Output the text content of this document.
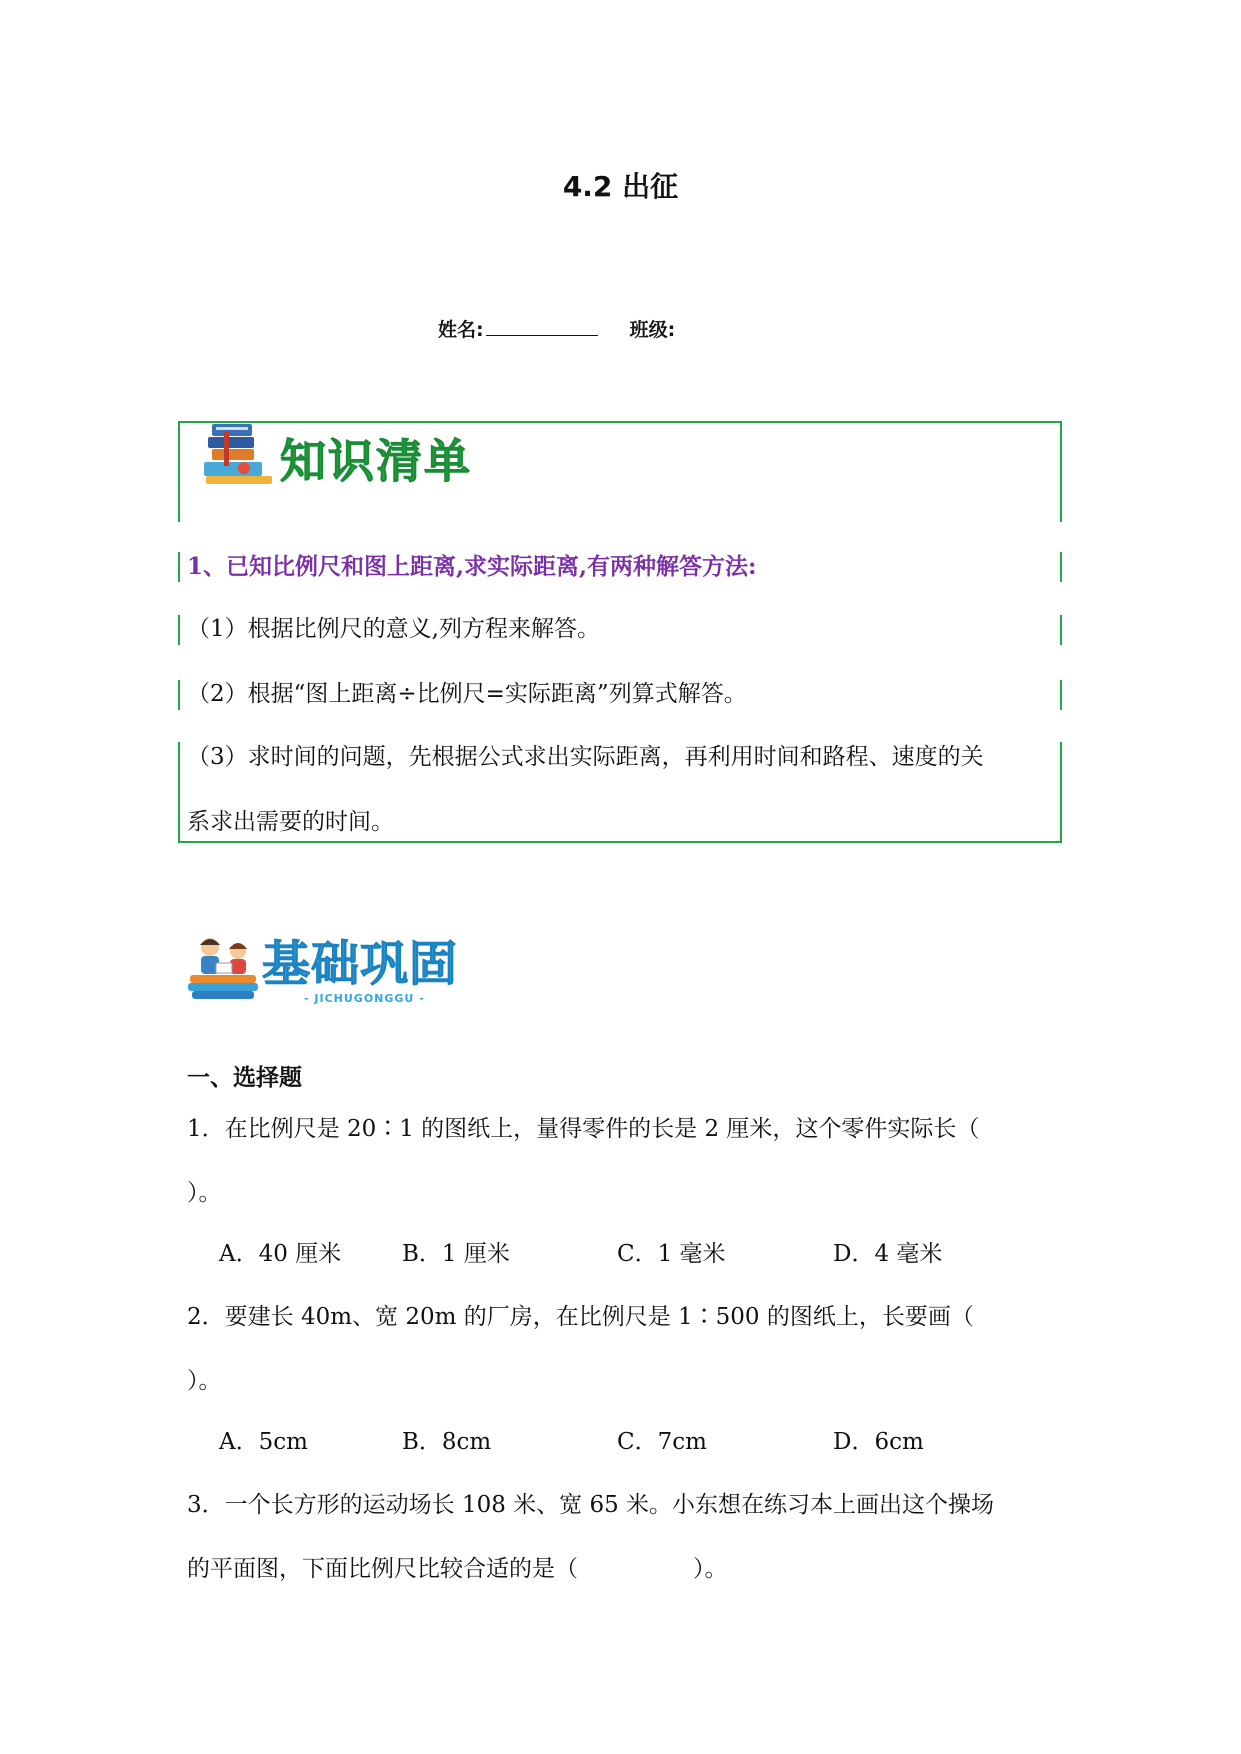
4.2 出征
姓名:	班级:
知识清单
1、已知比例尺和图上距离,求实际距离,有两种解答方法:
（1）根据比例尺的意义,列方程来解答。
（2）根据“图上距离÷比例尺=实际距离”列算式解答。
（3）求时间的问题，先根据公式求出实际距离，再利用时间和路程、速度的关
系求出需要的时间。
基础巩固
- JICHUGONGGU -
一、选择题
1．在比例尺是 20∶1 的图纸上，量得零件的长是 2 厘米，这个零件实际长（
）。
A．40 厘米	B．1 厘米	C．1 毫米	D．4 毫米
2．要建长 40m、宽 20m 的厂房，在比例尺是 1∶500 的图纸上，长要画（
）。
A．5cm	B．8cm	C．7cm	D．6cm
3．一个长方形的运动场长 108 米、宽 65 米。小东想在练习本上画出这个操场
的平面图，下面比例尺比较合适的是（　　　　　）。
